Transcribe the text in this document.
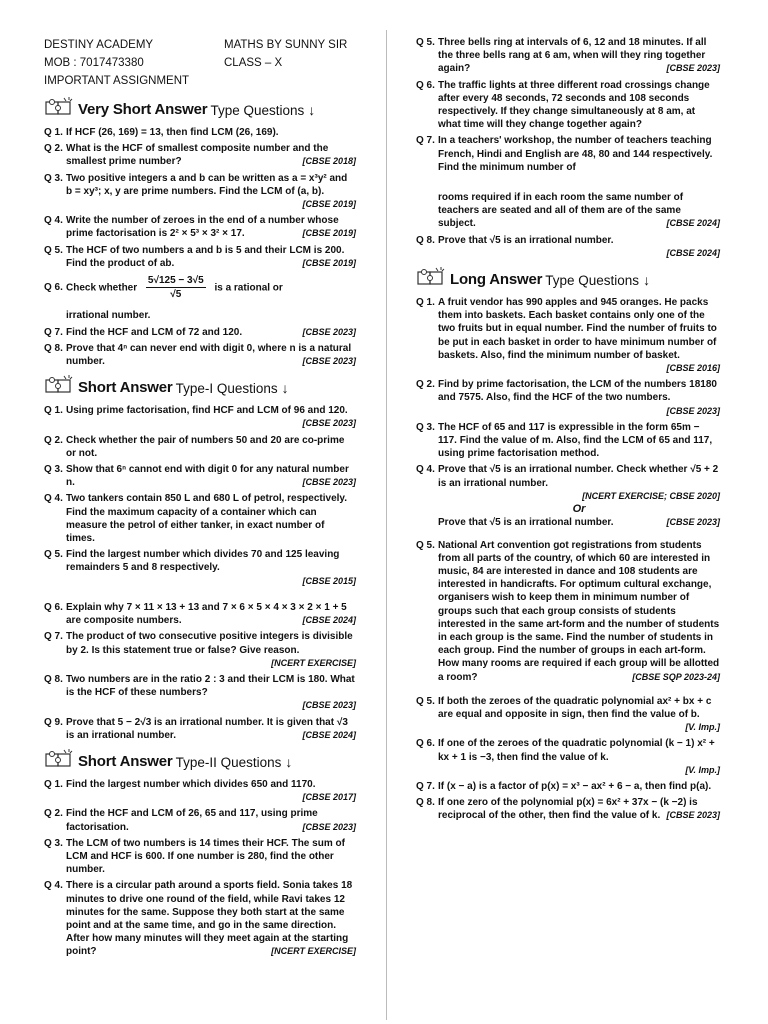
DESTINY ACADEMY	MATHS BY SUNNY SIR
MOB : 7017473380	CLASS – X
IMPORTANT ASSIGNMENT
Very Short Answer Type Questions ↓
Q 1. If HCF (26, 169) = 13, then find LCM (26, 169).
Q 2. What is the HCF of smallest composite number and the smallest prime number?	[CBSE 2018]
Q 3. Two positive integers a and b can be written as a = x³y² and b = xy³; x, y are prime numbers. Find the LCM of (a, b).
[CBSE 2019]
Q 4. Write the number of zeroes in the end of a number whose prime factorisation is 2² × 5³ × 3² × 17.	[CBSE 2019]
Q 5. The HCF of two numbers a and b is 5 and their LCM is 200. Find the product of ab.	[CBSE 2019]
Q 6. Check whether $\frac{5√125 - 3√5}{√5}$ is a rational or
irrational number.
Q 7. Find the HCF and LCM of 72 and 120.	[CBSE 2023]
Q 8. Prove that 4ⁿ can never end with digit 0, where n is a natural number.	[CBSE 2023]
Short Answer Type-I Questions ↓
Q 1. Using prime factorisation, find HCF and LCM of 96 and 120.
[CBSE 2023]
Q 2. Check whether the pair of numbers 50 and 20 are co-prime or not.
Q 3. Show that 6ⁿ cannot end with digit 0 for any natural number n.	[CBSE 2023]
Q 4. Two tankers contain 850 L and 680 L of petrol, respectively. Find the maximum capacity of a container which can measure the petrol of either tanker, in exact number of times.
Q 5. Find the largest number which divides 70 and 125 leaving remainders 5 and 8 respectively.
[CBSE 2015]
Q 6. Explain why 7 × 11 × 13 + 13 and 7 × 6 × 5 × 4 × 3 × 2 × 1 + 5 are composite numbers.	[CBSE 2024]
Q 7. The product of two consecutive positive integers is divisible by 2. Is this statement true or false? Give reason.
[NCERT EXERCISE]
Q 8. Two numbers are in the ratio 2 : 3 and their LCM is 180. What is the HCF of these numbers?
[CBSE 2023]
Q 9. Prove that 5 − 2√3 is an irrational number. It is given that √3 is an irrational number.	[CBSE 2024]
Short Answer Type-II Questions ↓
Q 1. Find the largest number which divides 650 and 1170.
[CBSE 2017]
Q 2. Find the HCF and LCM of 26, 65 and 117, using prime factorisation.	[CBSE 2023]
Q 3. The LCM of two numbers is 14 times their HCF. The sum of LCM and HCF is 600. If one number is 280, find the other number.
Q 4. There is a circular path around a sports field. Sonia takes 18 minutes to drive one round of the field, while Ravi takes 12 minutes for the same. Suppose they both start at the same point and at the same time, and go in the same direction. After how many minutes will they meet again at the starting point?	[NCERT EXERCISE]
Q 5. Three bells ring at intervals of 6, 12 and 18 minutes. If all the three bells rang at 6 am, when will they ring together again?	[CBSE 2023]
Q 6. The traffic lights at three different road crossings change after every 48 seconds, 72 seconds and 108 seconds respectively. If they change simultaneously at 8 am, at what time will they change together again?
Q 7. In a teachers' workshop, the number of teachers teaching French, Hindi and English are 48, 80 and 144 respectively. Find the minimum number of
rooms required if in each room the same number of teachers are seated and all of them are of the same subject.	[CBSE 2024]
Q 8. Prove that √5 is an irrational number.
[CBSE 2024]
Long Answer Type Questions ↓
Q 1. A fruit vendor has 990 apples and 945 oranges. He packs them into baskets. Each basket contains only one of the two fruits but in equal number. Find the number of fruits to be put in each basket in order to have minimum number of baskets. Also, find the minimum number of basket.
[CBSE 2016]
Q 2. Find by prime factorisation, the LCM of the numbers 18180 and 7575. Also, find the HCF of the two numbers.
[CBSE 2023]
Q 3. The HCF of 65 and 117 is expressible in the form 65m − 117. Find the value of m. Also, find the LCM of 65 and 117, using prime factorisation method.
Q 4. Prove that √5 is an irrational number. Check whether √5 + 2 is an irrational number.
[NCERT EXERCISE; CBSE 2020]
Or
Prove that √5 is an irrational number.	[CBSE 2023]
Q 5. National Art convention got registrations from students from all parts of the country, of which 60 are interested in music, 84 are interested in dance and 108 students are interested in handicrafts. For optimum cultural exchange, organisers wish to keep them in minimum number of groups such that each group consists of students interested in the same art-form and the number of students in each group is the same. Find the number of students in each group. Find the number of groups in each art-form. How many rooms are required if each group will be allotted a room?	[CBSE SQP 2023-24]
Q 5. If both the zeroes of the quadratic polynomial ax² + bx + c are equal and opposite in sign, then find the value of b.
[V. Imp.]
Q 6. If one of the zeroes of the quadratic polynomial (k − 1) x² + kx + 1 is −3, then find the value of k.
[V. Imp.]
Q 7. If (x − a) is a factor of p(x) = x³ − ax² + 6 − a, then find p(a).
Q 8. If one zero of the polynomial p(x) = 6x² + 37x − (k −2) is reciprocal of the other, then find the value of k. [CBSE 2023]
